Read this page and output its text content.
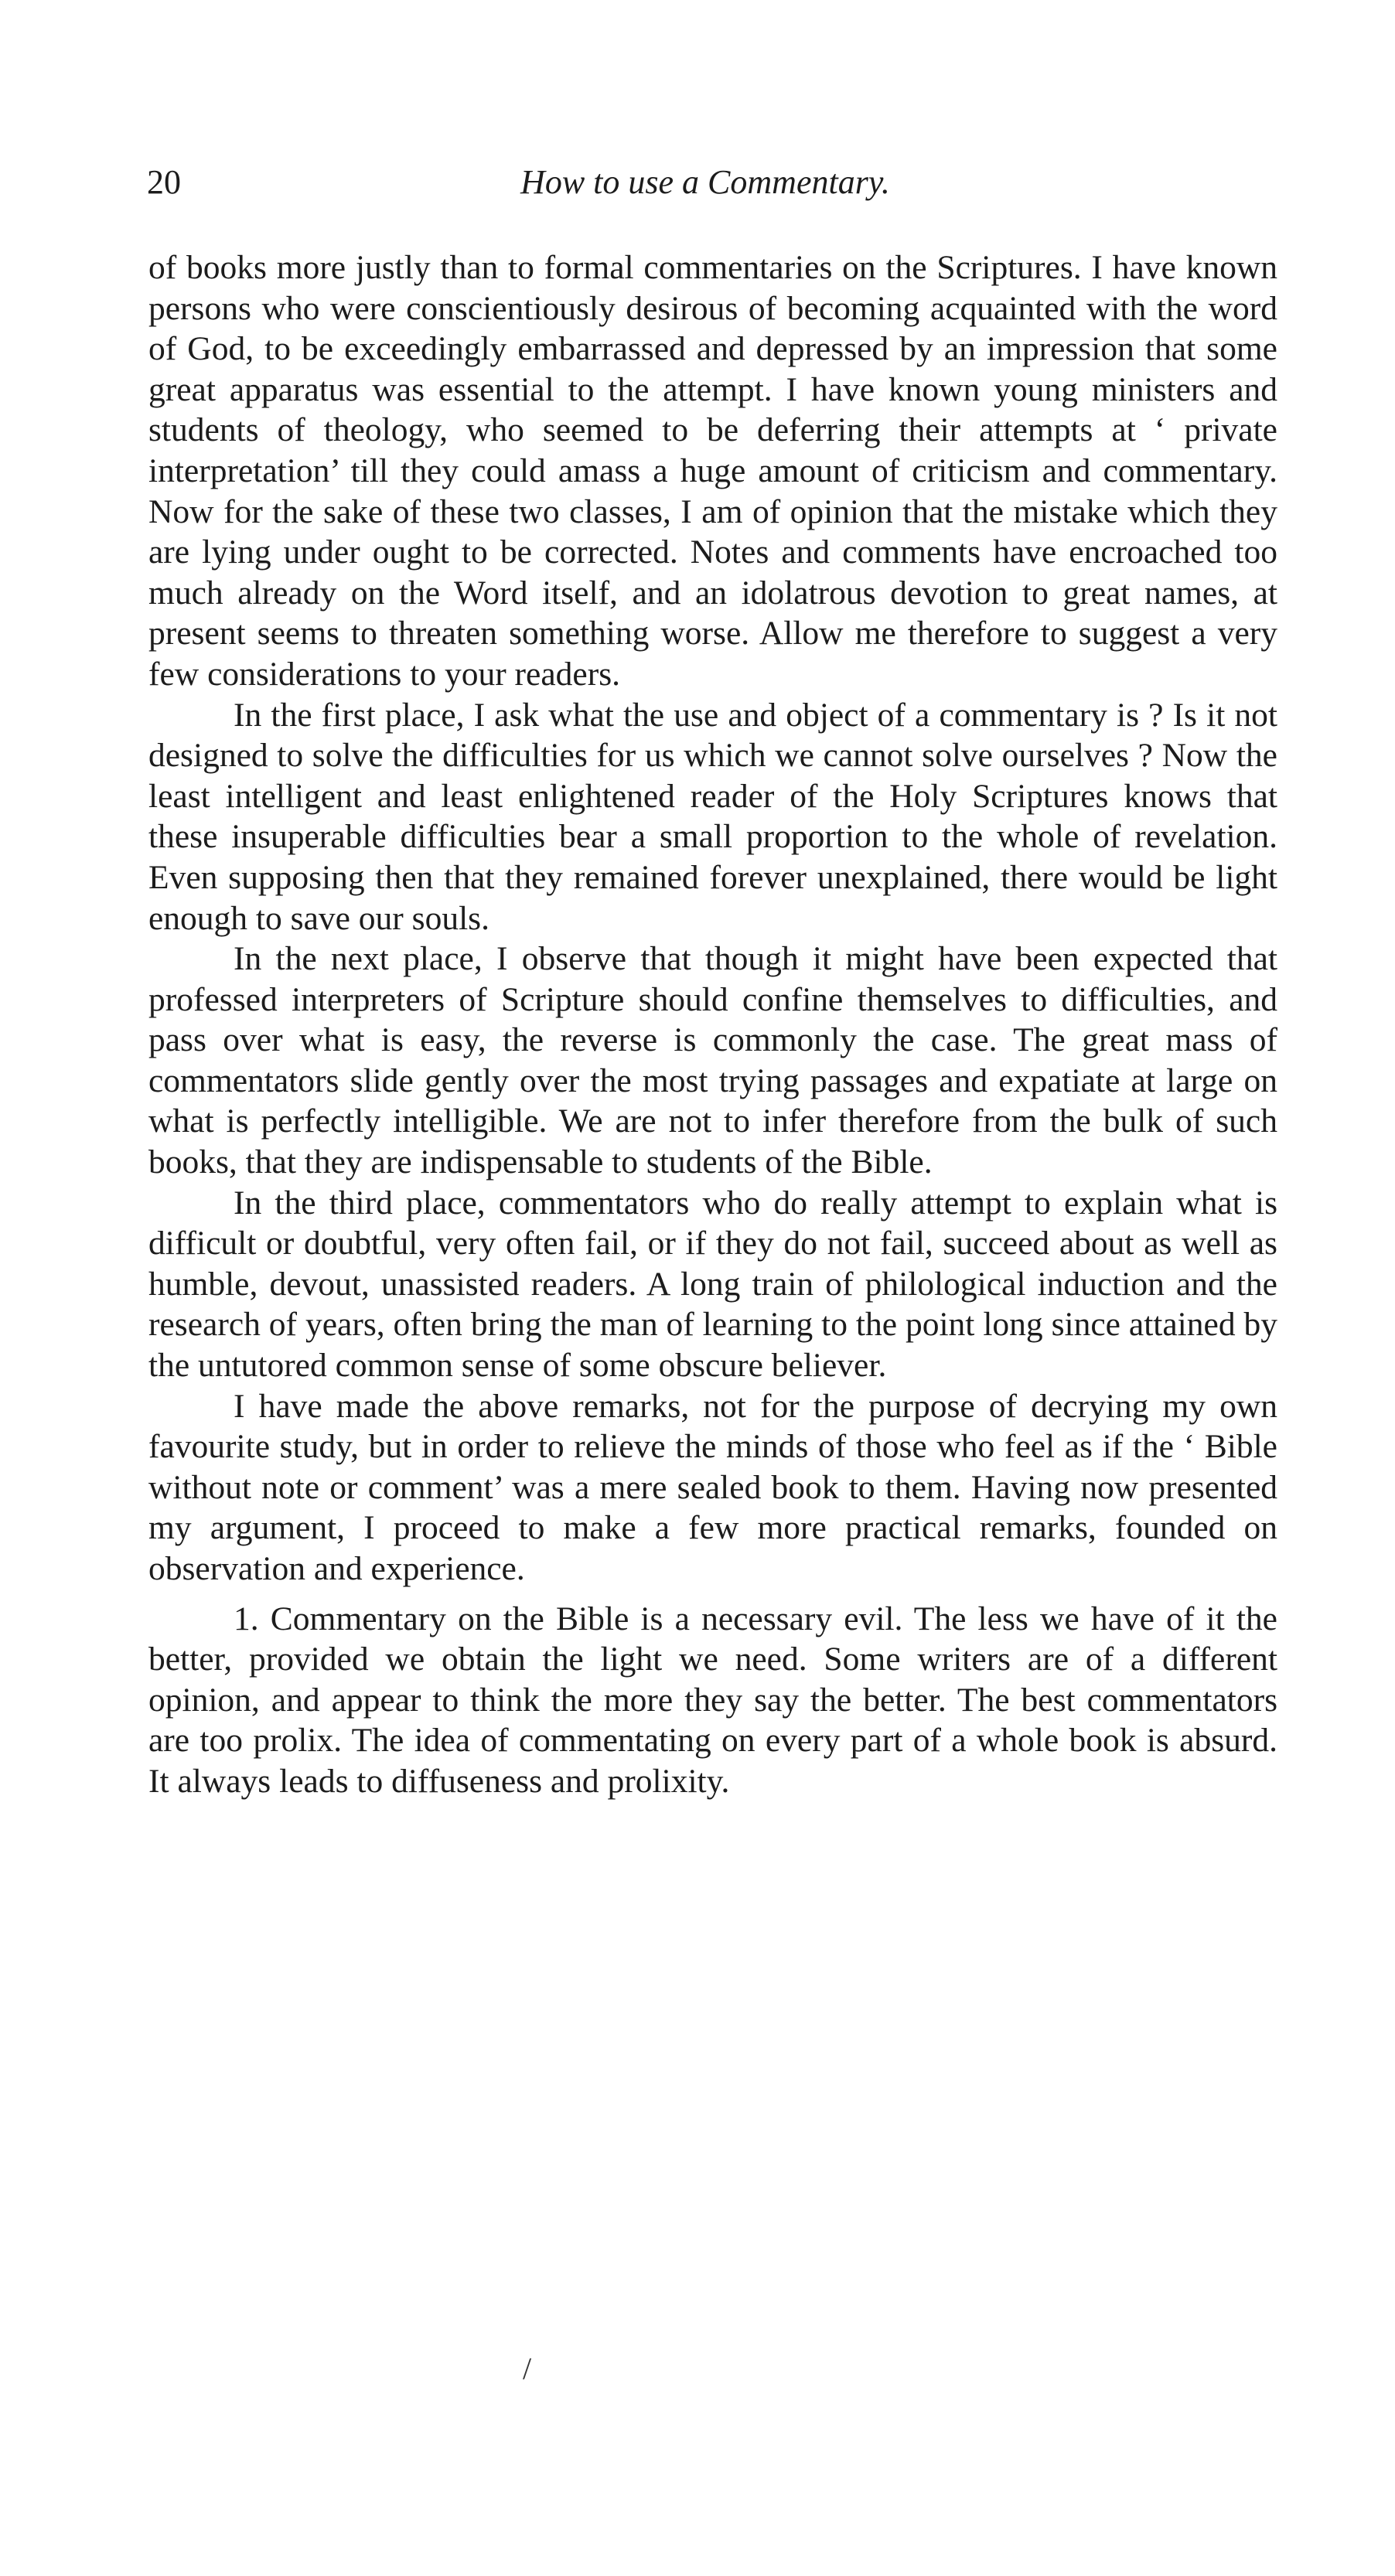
20	How to use a Commentary.

of books more justly than to formal commentaries on the Scriptures. I have known persons who were conscientiously desirous of becoming acquainted with the word of God, to be exceedingly embarrassed and depressed by an impression that some great apparatus was essential to the attempt. I have known young ministers and students of theology, who seemed to be deferring their attempts at ‘ private interpretation’ till they could amass a huge amount of criticism and commentary. Now for the sake of these two classes, I am of opinion that the mistake which they are lying under ought to be corrected. Notes and comments have encroached too much already on the Word itself, and an idolatrous devotion to great names, at present seems to threaten something worse. Allow me therefore to suggest a very few considerations to your readers.

In the first place, I ask what the use and object of a commentary is ? Is it not designed to solve the difficulties for us which we cannot solve ourselves ? Now the least intelligent and least enlightened reader of the Holy Scriptures knows that these insuperable difficulties bear a small proportion to the whole of revelation. Even supposing then that they remained forever unexplained, there would be light enough to save our souls.

In the next place, I observe that though it might have been expected that professed interpreters of Scripture should confine themselves to difficulties, and pass over what is easy, the reverse is commonly the case. The great mass of commentators slide gently over the most trying passages and expatiate at large on what is perfectly intelligible. We are not to infer therefore from the bulk of such books, that they are indispensable to students of the Bible.

In the third place, commentators who do really attempt to explain what is difficult or doubtful, very often fail, or if they do not fail, succeed about as well as humble, devout, unassisted readers. A long train of philological induction and the research of years, often bring the man of learning to the point long since attained by the untutored common sense of some obscure believer.

I have made the above remarks, not for the purpose of decrying my own favourite study, but in order to relieve the minds of those who feel as if the ‘ Bible without note or comment’ was a mere sealed book to them. Having now presented my argument, I proceed to make a few more practical remarks, founded on observation and experience.

1. Commentary on the Bible is a necessary evil. The less we have of it the better, provided we obtain the light we need. Some writers are of a different opinion, and appear to think the more they say the better. The best commentators are too prolix. The idea of commentating on every part of a whole book is absurd. It always leads to diffuseness and prolixity.

/
